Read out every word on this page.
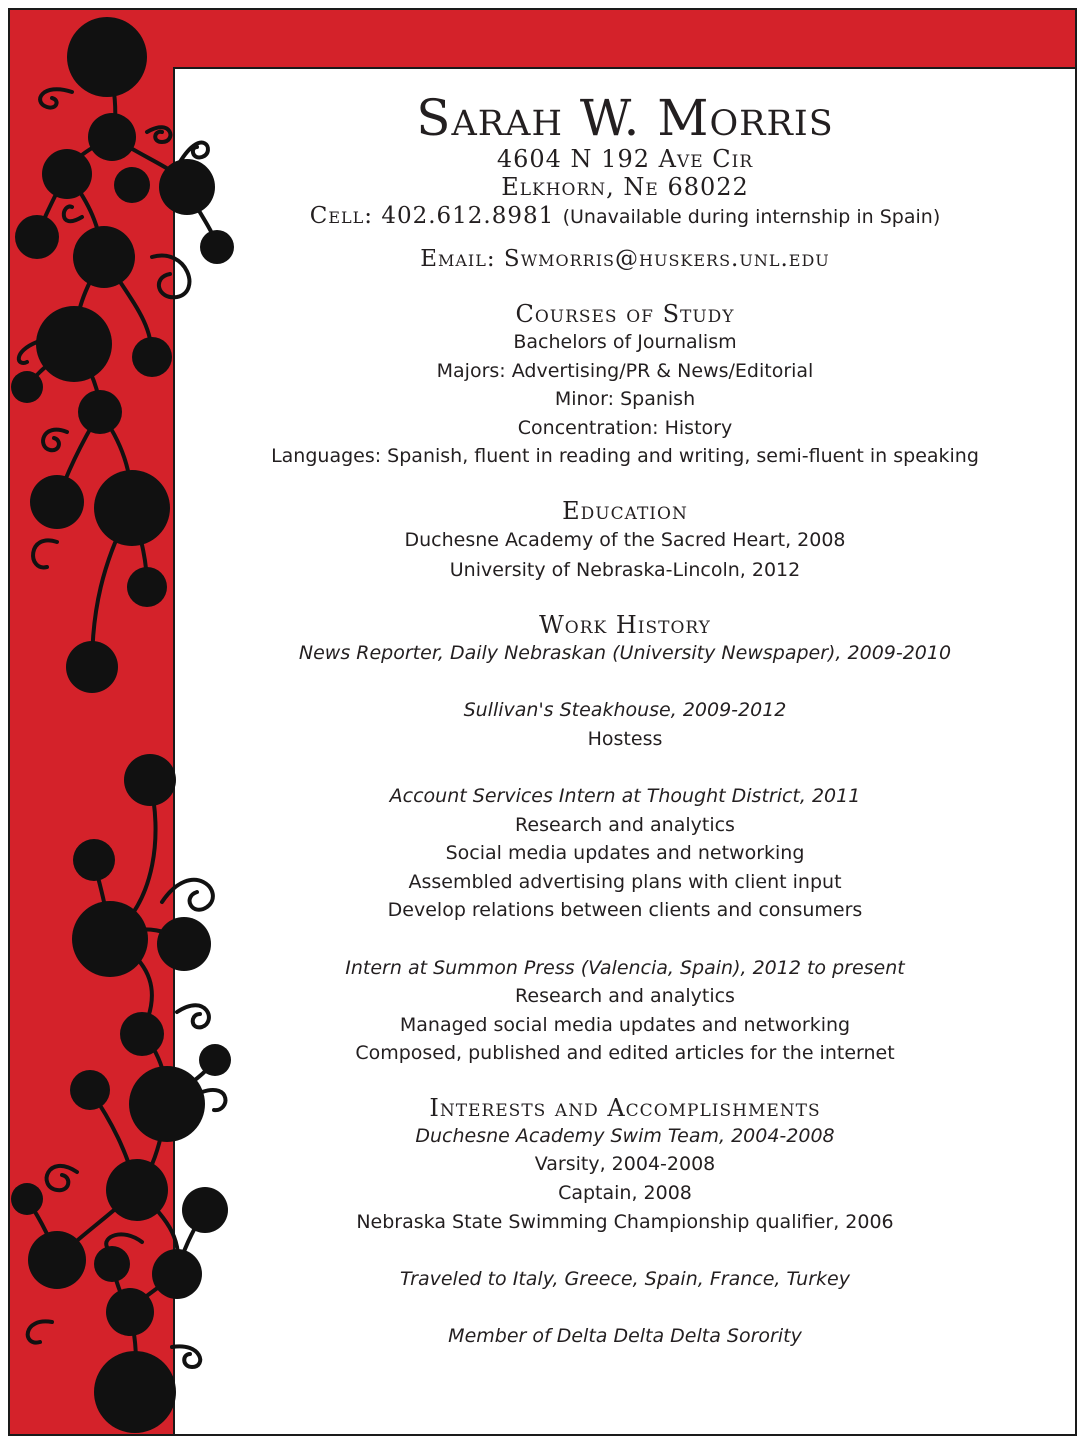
Sarah W. Morris
4604 N 192 Ave Cir
Elkhorn, Ne 68022
Cell: 402.612.8981 (Unavailable during internship in Spain)
Email: Swmorris@huskers.unl.edu
Courses of Study
Bachelors of Journalism
Majors: Advertising/PR & News/Editorial
Minor: Spanish
Concentration: History
Languages: Spanish, fluent in reading and writing, semi-fluent in speaking
Education
Duchesne Academy of the Sacred Heart, 2008
University of Nebraska-Lincoln, 2012
Work History
News Reporter, Daily Nebraskan (University Newspaper), 2009-2010
Sullivan's Steakhouse, 2009-2012
Hostess
Account Services Intern at Thought District, 2011
Research and analytics
Social media updates and networking
Assembled advertising plans with client input
Develop relations between clients and consumers
Intern at Summon Press (Valencia, Spain), 2012 to present
Research and analytics
Managed social media updates and networking
Composed, published and edited articles for the internet
Interests and Accomplishments
Duchesne Academy Swim Team, 2004-2008
Varsity, 2004-2008
Captain, 2008
Nebraska State Swimming Championship qualifier, 2006
Traveled to Italy, Greece, Spain, France, Turkey
Member of Delta Delta Delta Sorority
